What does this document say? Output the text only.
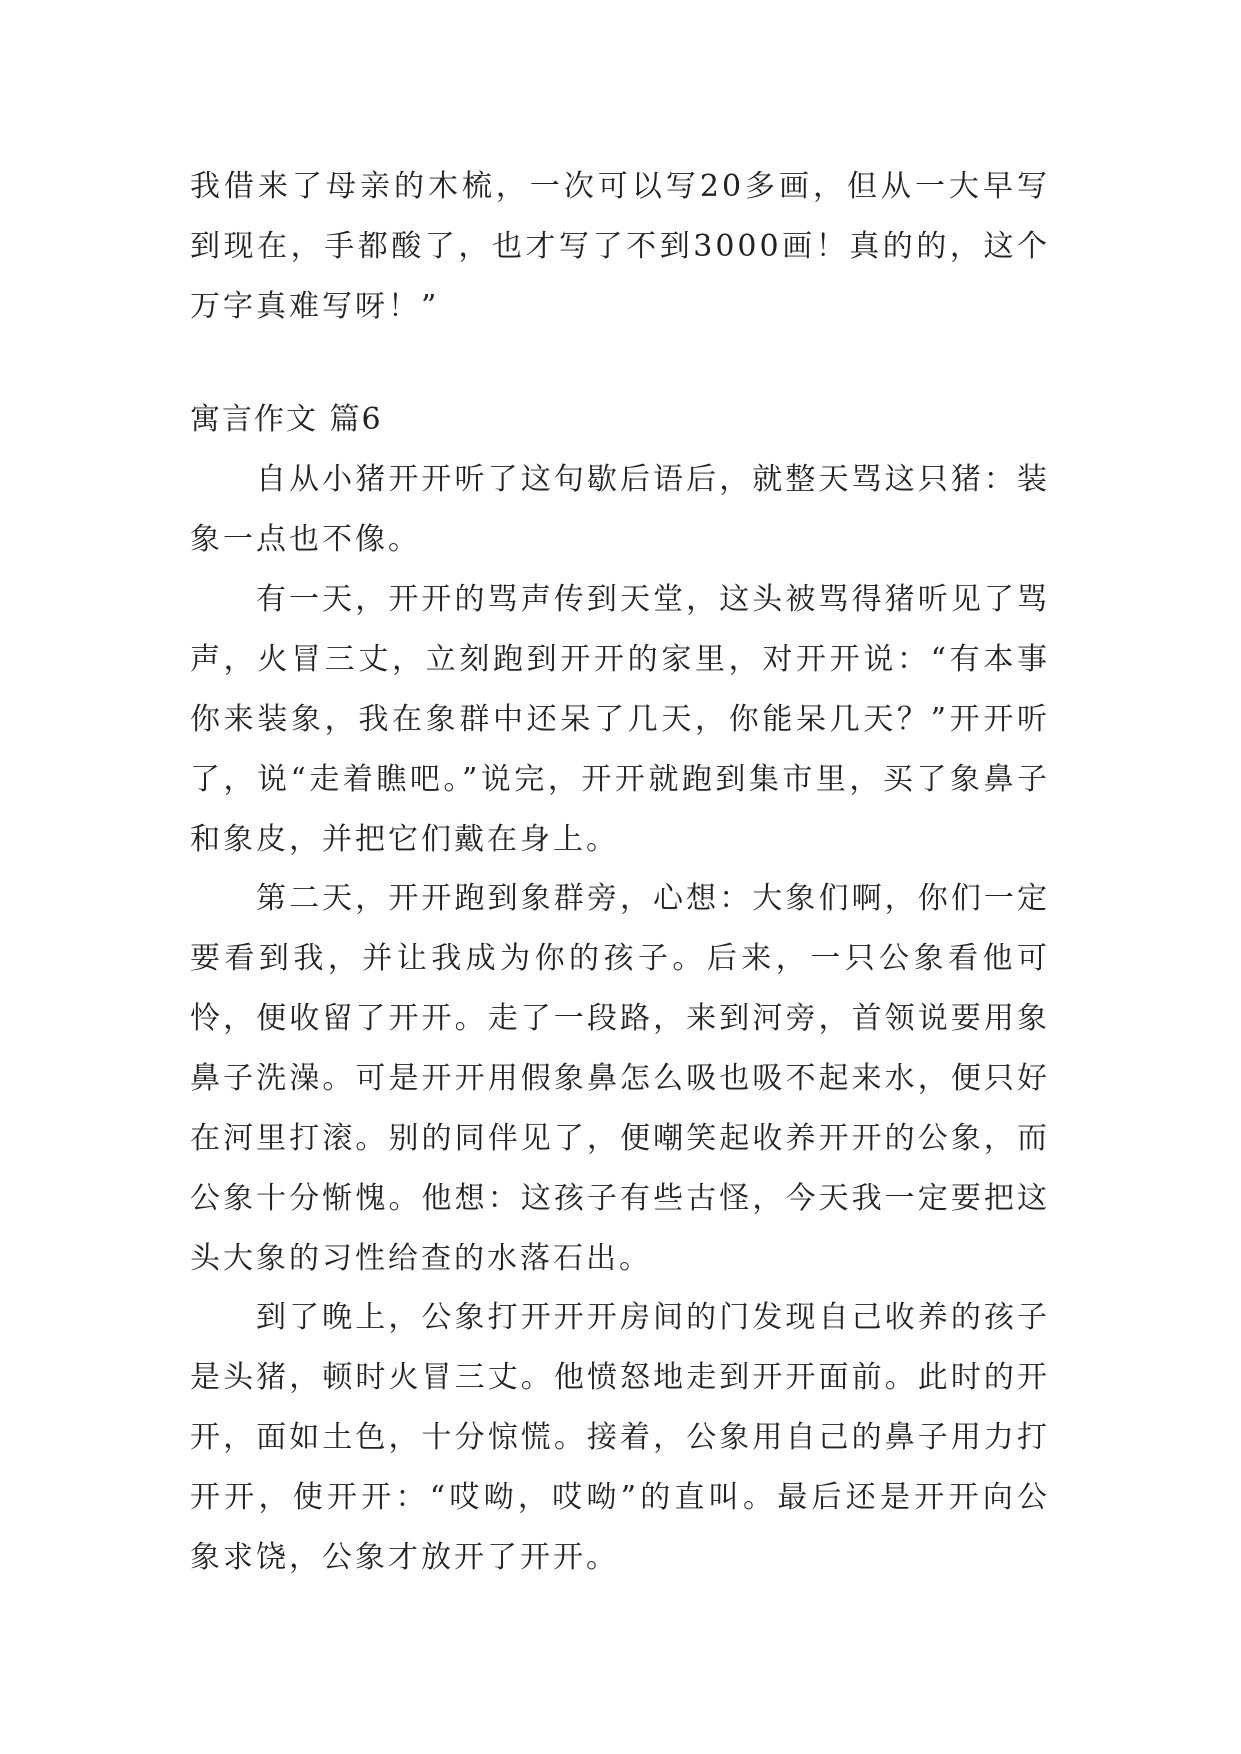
我借来了母亲的木梳，一次可以写20多画，但从一大早写到现在，手都酸了，也才写了不到3000画！真的的，这个万字真难写呀！”

寓言作文 篇6

自从小猪开开听了这句歇后语后，就整天骂这只猪：装象一点也不像。

有一天，开开的骂声传到天堂，这头被骂得猪听见了骂声，火冒三丈，立刻跑到开开的家里，对开开说：“有本事你来装象，我在象群中还呆了几天，你能呆几天？”开开听了，说“走着瞧吧。”说完，开开就跑到集市里，买了象鼻子和象皮，并把它们戴在身上。

第二天，开开跑到象群旁，心想：大象们啊，你们一定要看到我，并让我成为你的孩子。后来，一只公象看他可怜，便收留了开开。走了一段路，来到河旁，首领说要用象鼻子洗澡。可是开开用假象鼻怎么吸也吸不起来水，便只好在河里打滚。别的同伴见了，便嘲笑起收养开开的公象，而公象十分惭愧。他想：这孩子有些古怪，今天我一定要把这头大象的习性给查的水落石出。

到了晚上，公象打开开开房间的门发现自己收养的孩子是头猪，顿时火冒三丈。他愤怒地走到开开面前。此时的开开，面如土色，十分惊慌。接着，公象用自己的鼻子用力打开开，使开开：“哎呦，哎呦”的直叫。最后还是开开向公象求饶，公象才放开了开开。
